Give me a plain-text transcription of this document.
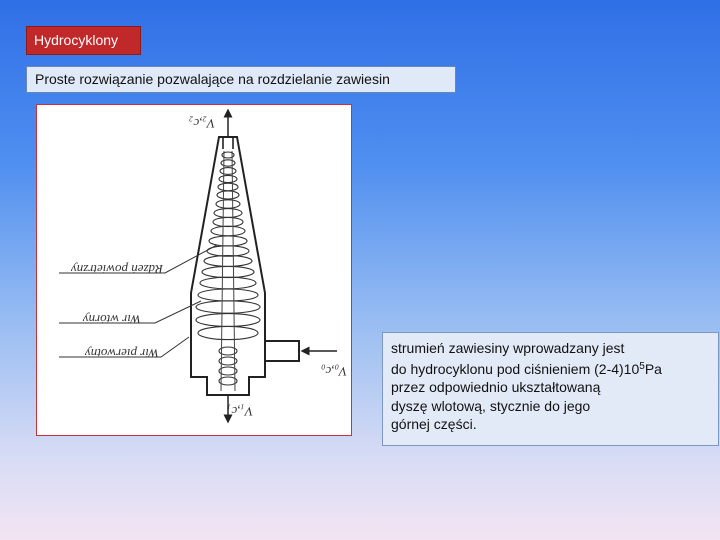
Hydrocyklony
Proste rozwiązanie pozwalające na rozdzielanie zawiesin
Rdzeń powietrzny
Wir wtórny
Wir pierwotny
V₂,c₂
V₀,c₀
V₁,c₁
strumień zawiesiny wprowadzany jest
do hydrocyklonu pod ciśnieniem $(2-4)10^5Pa$
przez odpowiednio ukształtowaną
dyszę wlotową, stycznie do jego
górnej części.
